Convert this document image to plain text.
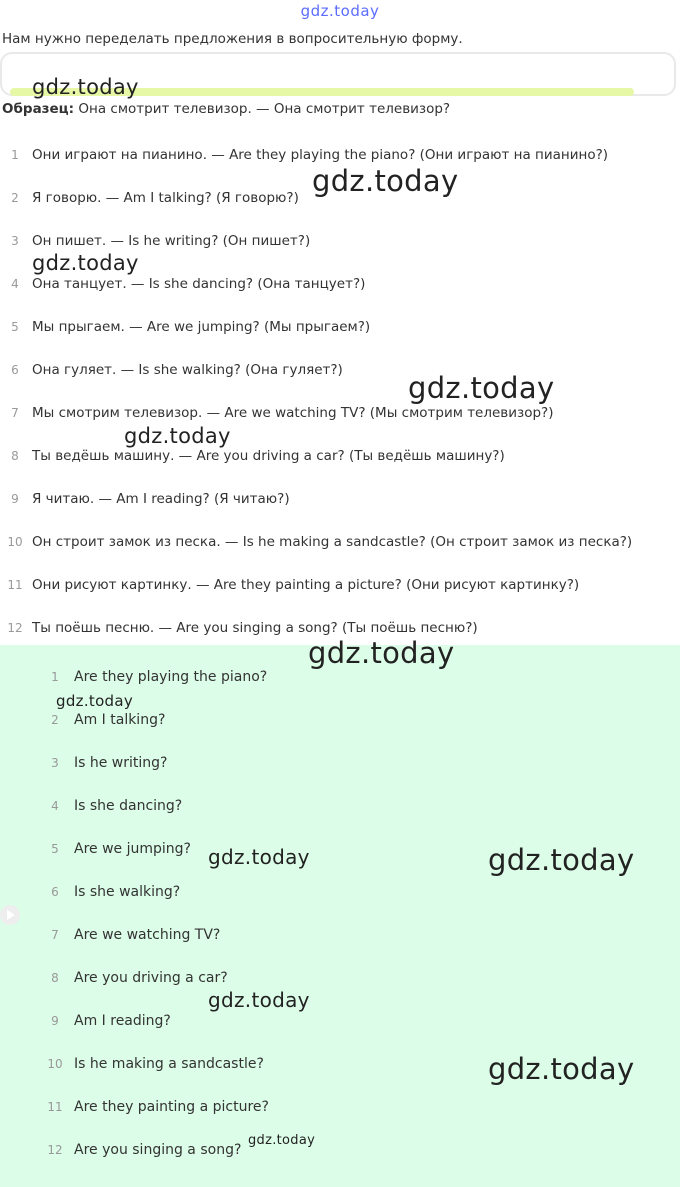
gdz.today
Нам нужно переделать предложения в вопросительную форму.
Образец: Она смотрит телевизор. — Она смотрит телевизор?
1 Они играют на пианино. — Are they playing the piano? (Они играют на пианино?)
2 Я говорю. — Am I talking? (Я говорю?)
3 Он пишет. — Is he writing? (Он пишет?)
4 Она танцует. — Is she dancing? (Она танцует?)
5 Мы прыгаем. — Are we jumping? (Мы прыгаем?)
6 Она гуляет. — Is she walking? (Она гуляет?)
7 Мы смотрим телевизор. — Are we watching TV? (Мы смотрим телевизор?)
8 Ты ведёшь машину. — Are you driving a car? (Ты ведёшь машину?)
9 Я читаю. — Am I reading? (Я читаю?)
10 Он строит замок из песка. — Is he making a sandcastle? (Он строит замок из песка?)
11 Они рисуют картинку. — Are they painting a picture? (Они рисуют картинку?)
12 Ты поёшь песню. — Are you singing a song? (Ты поёшь песню?)
1 Are they playing the piano?
2 Am I talking?
3 Is he writing?
4 Is she dancing?
5 Are we jumping?
6 Is she walking?
7 Are we watching TV?
8 Are you driving a car?
9 Am I reading?
10 Is he making a sandcastle?
11 Are they painting a picture?
12 Are you singing a song?
gdz.today
gdz.today
gdz.today
gdz.today
gdz.today
gdz.today
gdz.today
gdz.today	gdz.today
gdz.today
gdz.today
gdz.today
